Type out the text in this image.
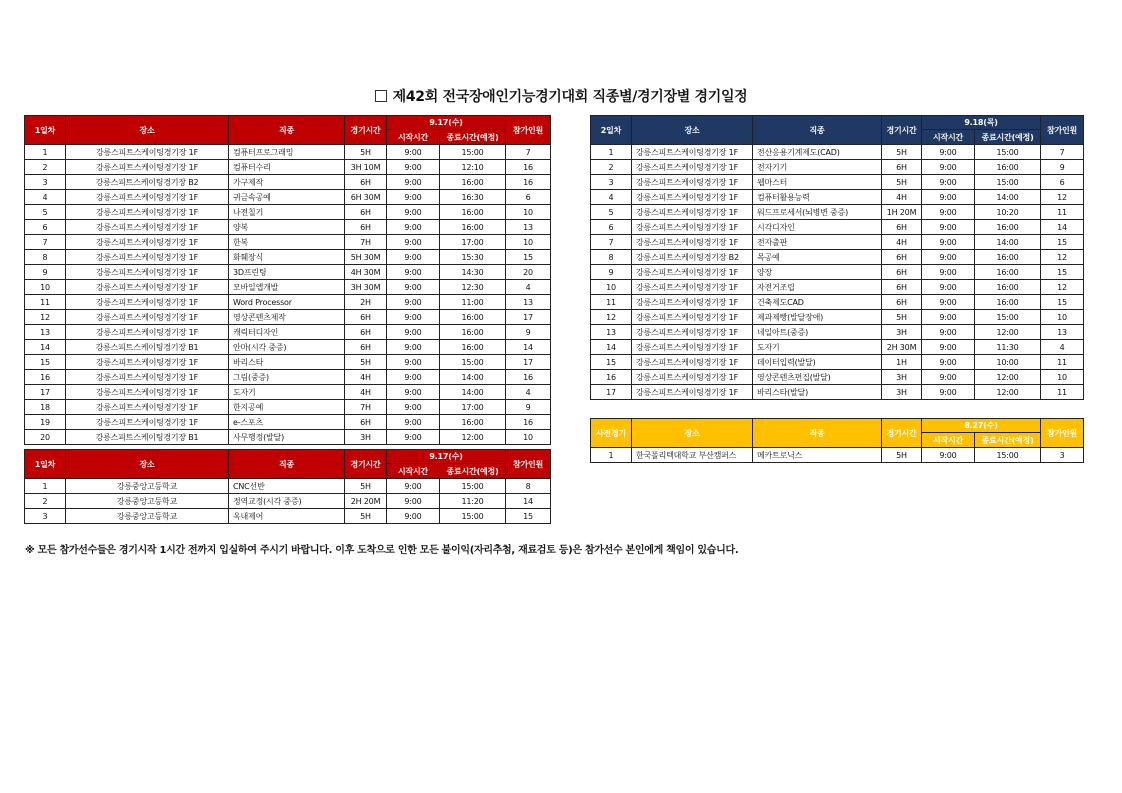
제42회 전국장애인기능경기대회 직종별/경기장별 경기일정
1일차	장소	직종	경기시간	9.17(수)		참가인원
				시작시간	종료시간(예정)	
1	강릉스피트스케이팅경기장 1F	컴퓨터프로그래밍	5H	9:00	15:00	7
2	강릉스피트스케이팅경기장 1F	컴퓨터수리	3H 10M	9:00	12:10	16
3	강릉스피트스케이팅경기장 B2	가구제작	6H	9:00	16:00	16
4	강릉스피트스케이팅경기장 1F	귀금속공예	6H 30M	9:00	16:30	6
5	강릉스피트스케이팅경기장 1F	나전칠기	6H	9:00	16:00	10
6	강릉스피트스케이팅경기장 1F	양복	6H	9:00	16:00	13
7	강릉스피트스케이팅경기장 1F	한복	7H	9:00	17:00	10
8	강릉스피트스케이팅경기장 1F	화훼장식	5H 30M	9:00	15:30	15
9	강릉스피트스케이팅경기장 1F	3D프린팅	4H 30M	9:00	14:30	20
10	강릉스피트스케이팅경기장 1F	모바일앱개발	3H 30M	9:00	12:30	4
11	강릉스피트스케이팅경기장 1F	Word Processor	2H	9:00	11:00	13
12	강릉스피트스케이팅경기장 1F	영상콘텐츠제작	6H	9:00	16:00	17
13	강릉스피트스케이팅경기장 1F	캐릭터디자인	6H	9:00	16:00	9
14	강릉스피트스케이팅경기장 B1	안마(시각 중증)	6H	9:00	16:00	14
15	강릉스피트스케이팅경기장 1F	바리스타	5H	9:00	15:00	17
16	강릉스피트스케이팅경기장 1F	그림(중증)	4H	9:00	14:00	16
17	강릉스피트스케이팅경기장 1F	도자기	4H	9:00	14:00	4
18	강릉스피트스케이팅경기장 1F	한지공예	7H	9:00	17:00	9
19	강릉스피트스케이팅경기장 1F	e-스포츠	6H	9:00	16:00	16
20	강릉스피트스케이팅경기장 B1	사무행정(발달)	3H	9:00	12:00	10
1일차	장소	직종	경기시간	9.17(수)		참가인원
				시작시간	종료시간(예정)	
1	강릉중앙고등학교	CNC선반	5H	9:00	15:00	8
2	강릉중앙고등학교	정역교정(시각 중증)	2H 20M	9:00	11:20	14
3	강릉중앙고등학교	옥내제어	5H	9:00	15:00	15
2일차	장소	직종	경기시간	9.18(목)		참가인원
				시작시간	종료시간(예정)	
1	강릉스피트스케이팅경기장 1F	전산응용기계제도(CAD)	5H	9:00	15:00	7
2	강릉스피트스케이팅경기장 1F	전자기기	6H	9:00	16:00	9
3	강릉스피트스케이팅경기장 1F	웹마스터	5H	9:00	15:00	6
4	강릉스피트스케이팅경기장 1F	컴퓨터활용능력	4H	9:00	14:00	12
5	강릉스피트스케이팅경기장 1F	워드프로세서(뇌병변 중증)	1H 20M	9:00	10:20	11
6	강릉스피트스케이팅경기장 1F	시각디자인	6H	9:00	16:00	14
7	강릉스피트스케이팅경기장 1F	전자출판	4H	9:00	14:00	15
8	강릉스피트스케이팅경기장 B2	목공예	6H	9:00	16:00	12
9	강릉스피트스케이팅경기장 1F	양장	6H	9:00	16:00	15
10	강릉스피트스케이팅경기장 1F	자전거조립	6H	9:00	16:00	12
11	강릉스피트스케이팅경기장 1F	건축제도CAD	6H	9:00	16:00	15
12	강릉스피트스케이팅경기장 1F	제과제빵(발달장애)	5H	9:00	15:00	10
13	강릉스피트스케이팅경기장 1F	네일아트(중증)	3H	9:00	12:00	13
14	강릉스피트스케이팅경기장 1F	도자기	2H 30M	9:00	11:30	4
15	강릉스피트스케이팅경기장 1F	데이터입력(발달)	1H	9:00	10:00	11
16	강릉스피트스케이팅경기장 1F	영상콘텐츠편집(발달)	3H	9:00	12:00	10
17	강릉스피트스케이팅경기장 1F	바리스타(발달)	3H	9:00	12:00	11
사전경기	장소	직종	경기시간	8.27(수)		참가인원
				시작시간	종료시간(예정)	
1	한국폴리텍대학교 부산캠퍼스	메카트로닉스	5H	9:00	15:00	3
※ 모든 참가선수들은 경기시작 1시간 전까지 입실하여 주시기 바랍니다. 이후 도착으로 인한 모든 불이익(자리추첨, 재료검토 등)은 참가선수 본인에게 책임이 있습니다.
